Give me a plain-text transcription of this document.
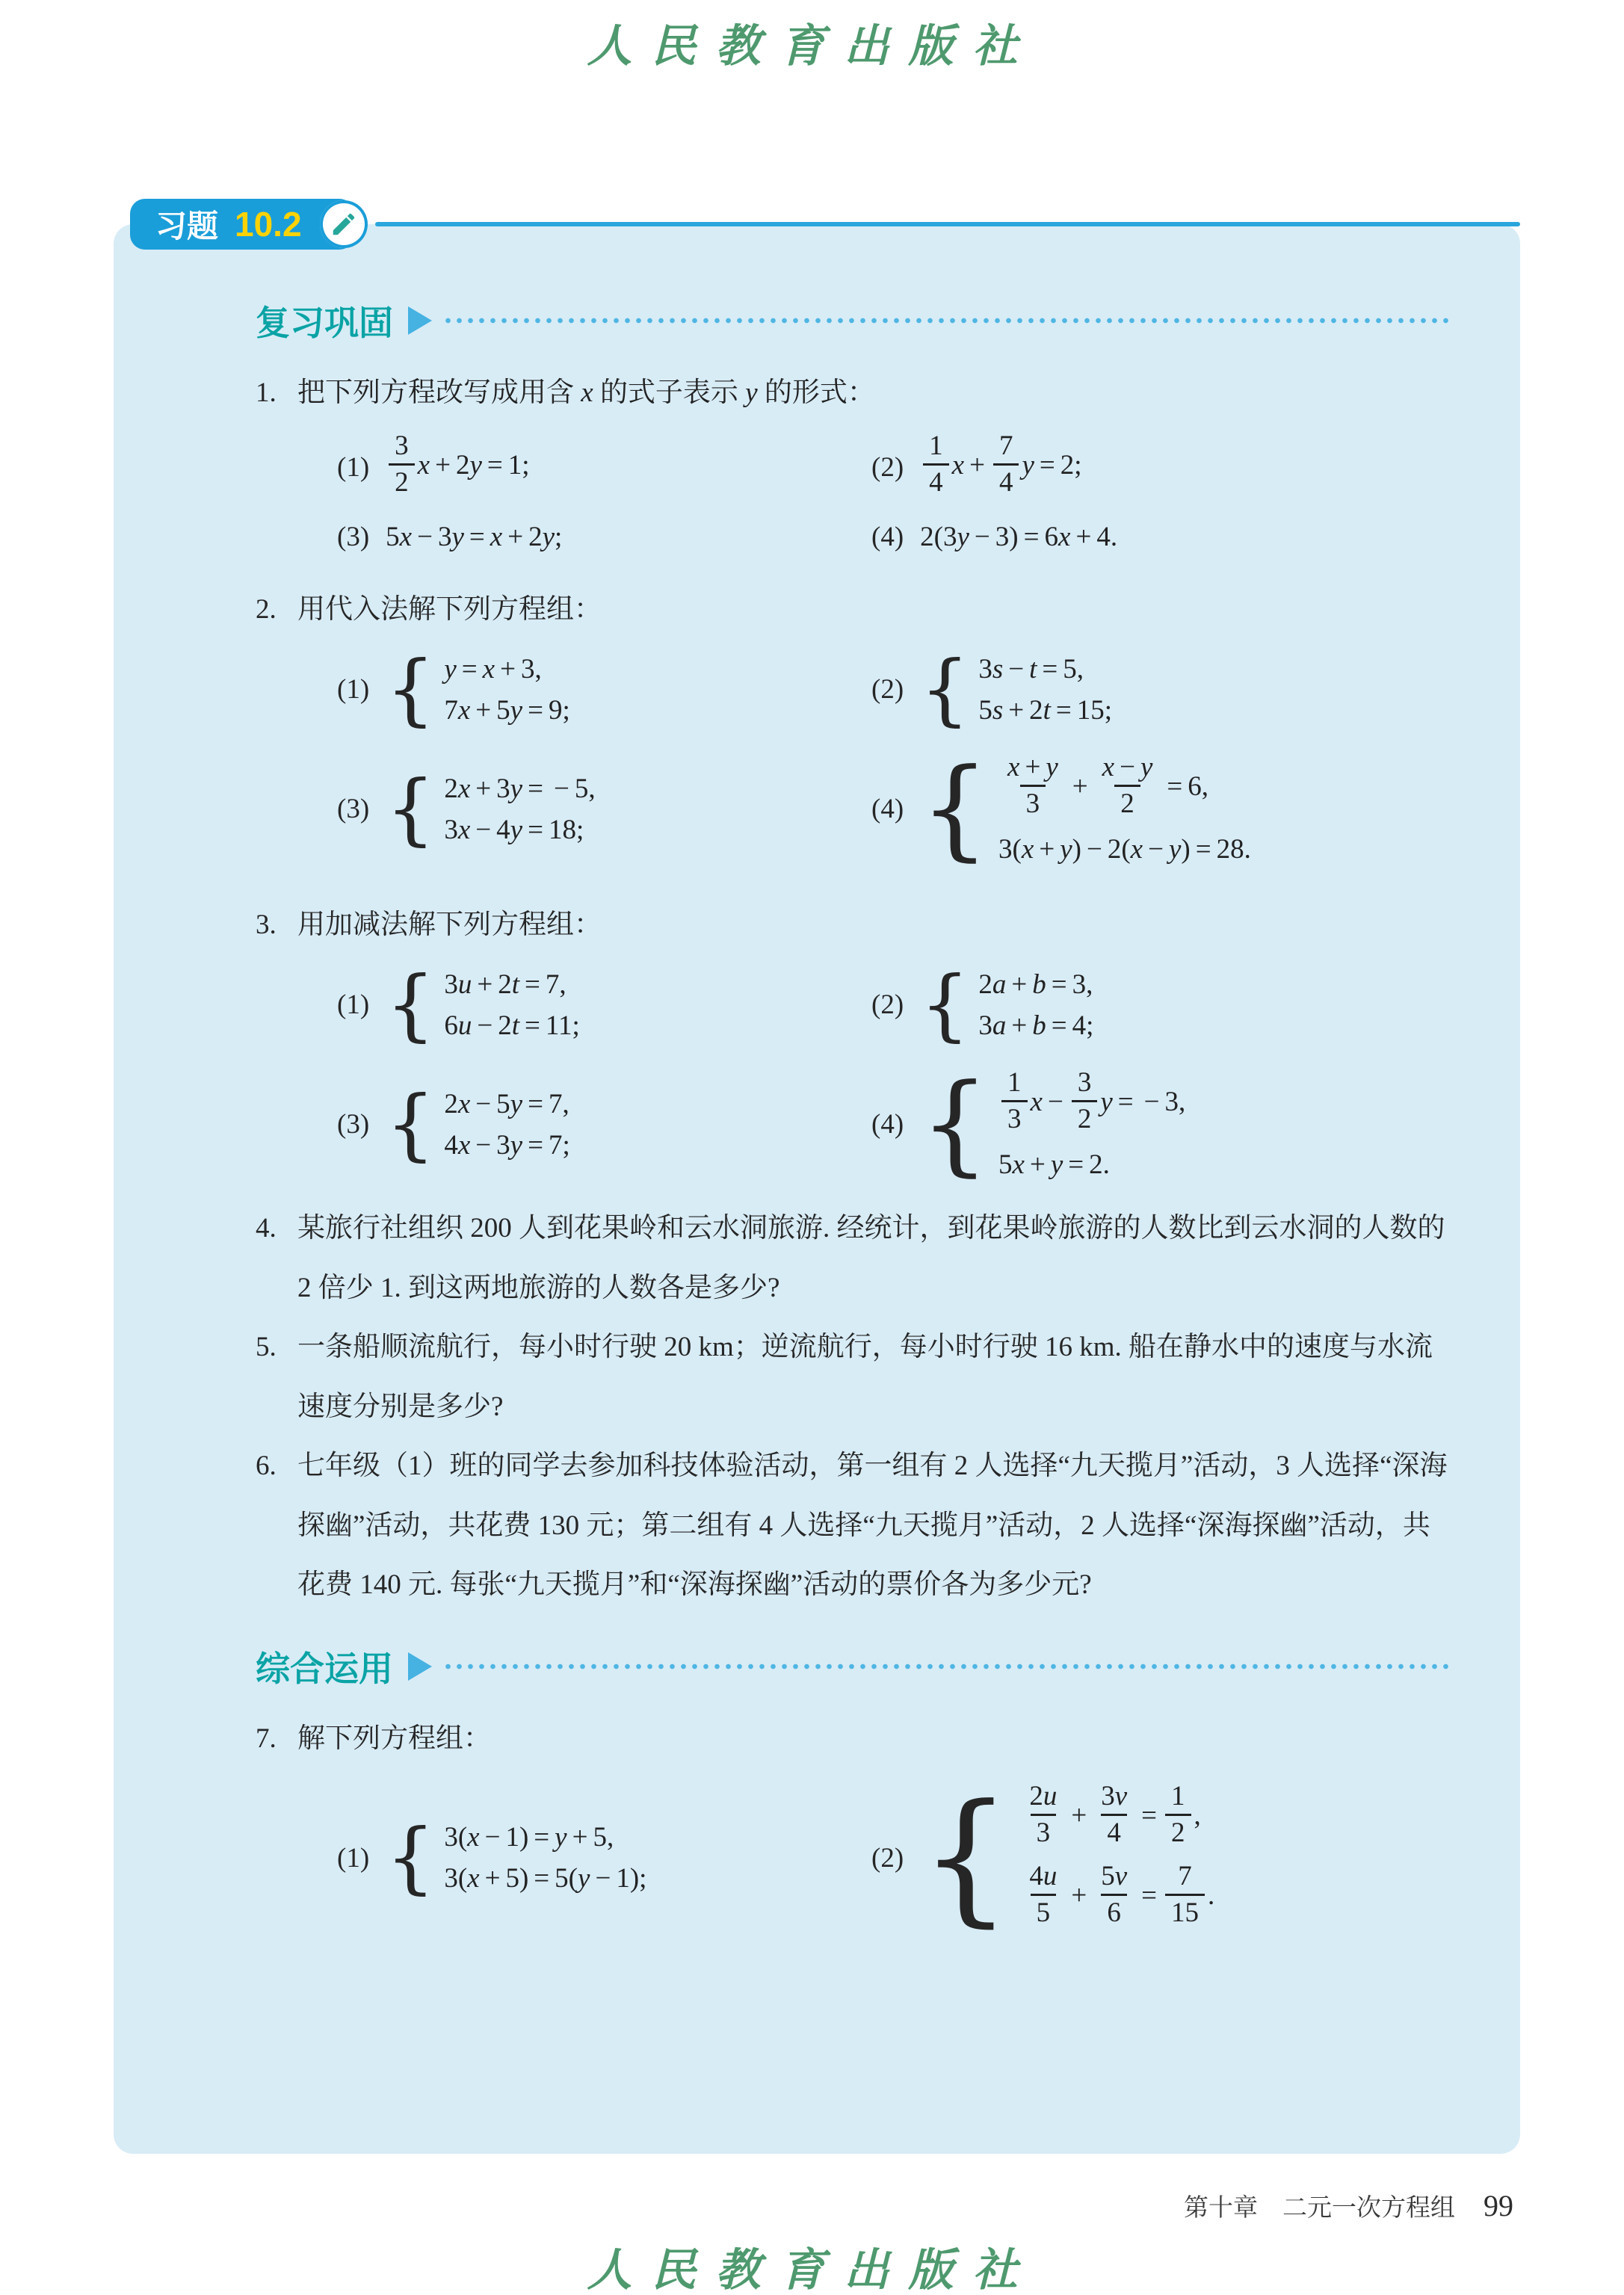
人民教育出版社
习题 10.2
复习巩固
1. 把下列方程改写成用含 x 的式子表示 y 的形式：
$(1) \frac{3}{2}$ x + 2y = 1;	$(2) \frac{1}{4}$ $x + \frac{7}{4}$ y = 2;
(3) 5x − 3y = x + 2y;	(4) 2(3y − 3) = 6x + 4.
2. 用代入法解下列方程组：
(1) { y = x + 3,
7x + 5y = 9;
(2) { 3s − t = 5,
5s + 2t = 15;
(3) { 2x + 3y = − 5,
3x − 4y = 18;
(4) { $\frac{x + y}{3} + \frac{x - y}{2} = 6$,
3(x + y) − 2(x − y) = 28.
3. 用加减法解下列方程组：
(1) { 3u + 2t = 7,
6u − 2t = 11;
(2) { 2a + b = 3,
3a + b = 4;
(3) { 2x − 5y = 7,
4x − 3y = 7;
(4) { $\frac{1}{3}$ $x - \frac{3}{2}$ y = − 3,
5x + y = 2.
4. 某旅行社组织 200 人到花果岭和云水洞旅游. 经统计，到花果岭旅游的人数比到云水洞的人数的 2 倍少 1. 到这两地旅游的人数各是多少?
5. 一条船顺流航行，每小时行驶 20 km；逆流航行，每小时行驶 16 km. 船在静水中的速度与水流速度分别是多少?
6. 七年级（1）班的同学去参加科技体验活动，第一组有 2 人选择“九天揽月”活动，3 人选择“深海探幽”活动，共花费 130 元；第二组有 4 人选择“九天揽月”活动，2 人选择“深海探幽”活动，共花费 140 元. 每张“九天揽月”和“深海探幽”活动的票价各为多少元?
综合运用
7. 解下列方程组：
(1) { 3(x − 1) = y + 5,
3(x + 5) = 5(y − 1);
(2) { $\frac{2u}{3} + \frac{3v}{4} = \frac{1}{2}$ ,
$\frac{4u}{5} + \frac{5v}{6} = \frac{7}{15}$ .
第十章　二元一次方程组 99
人民教育出版社
